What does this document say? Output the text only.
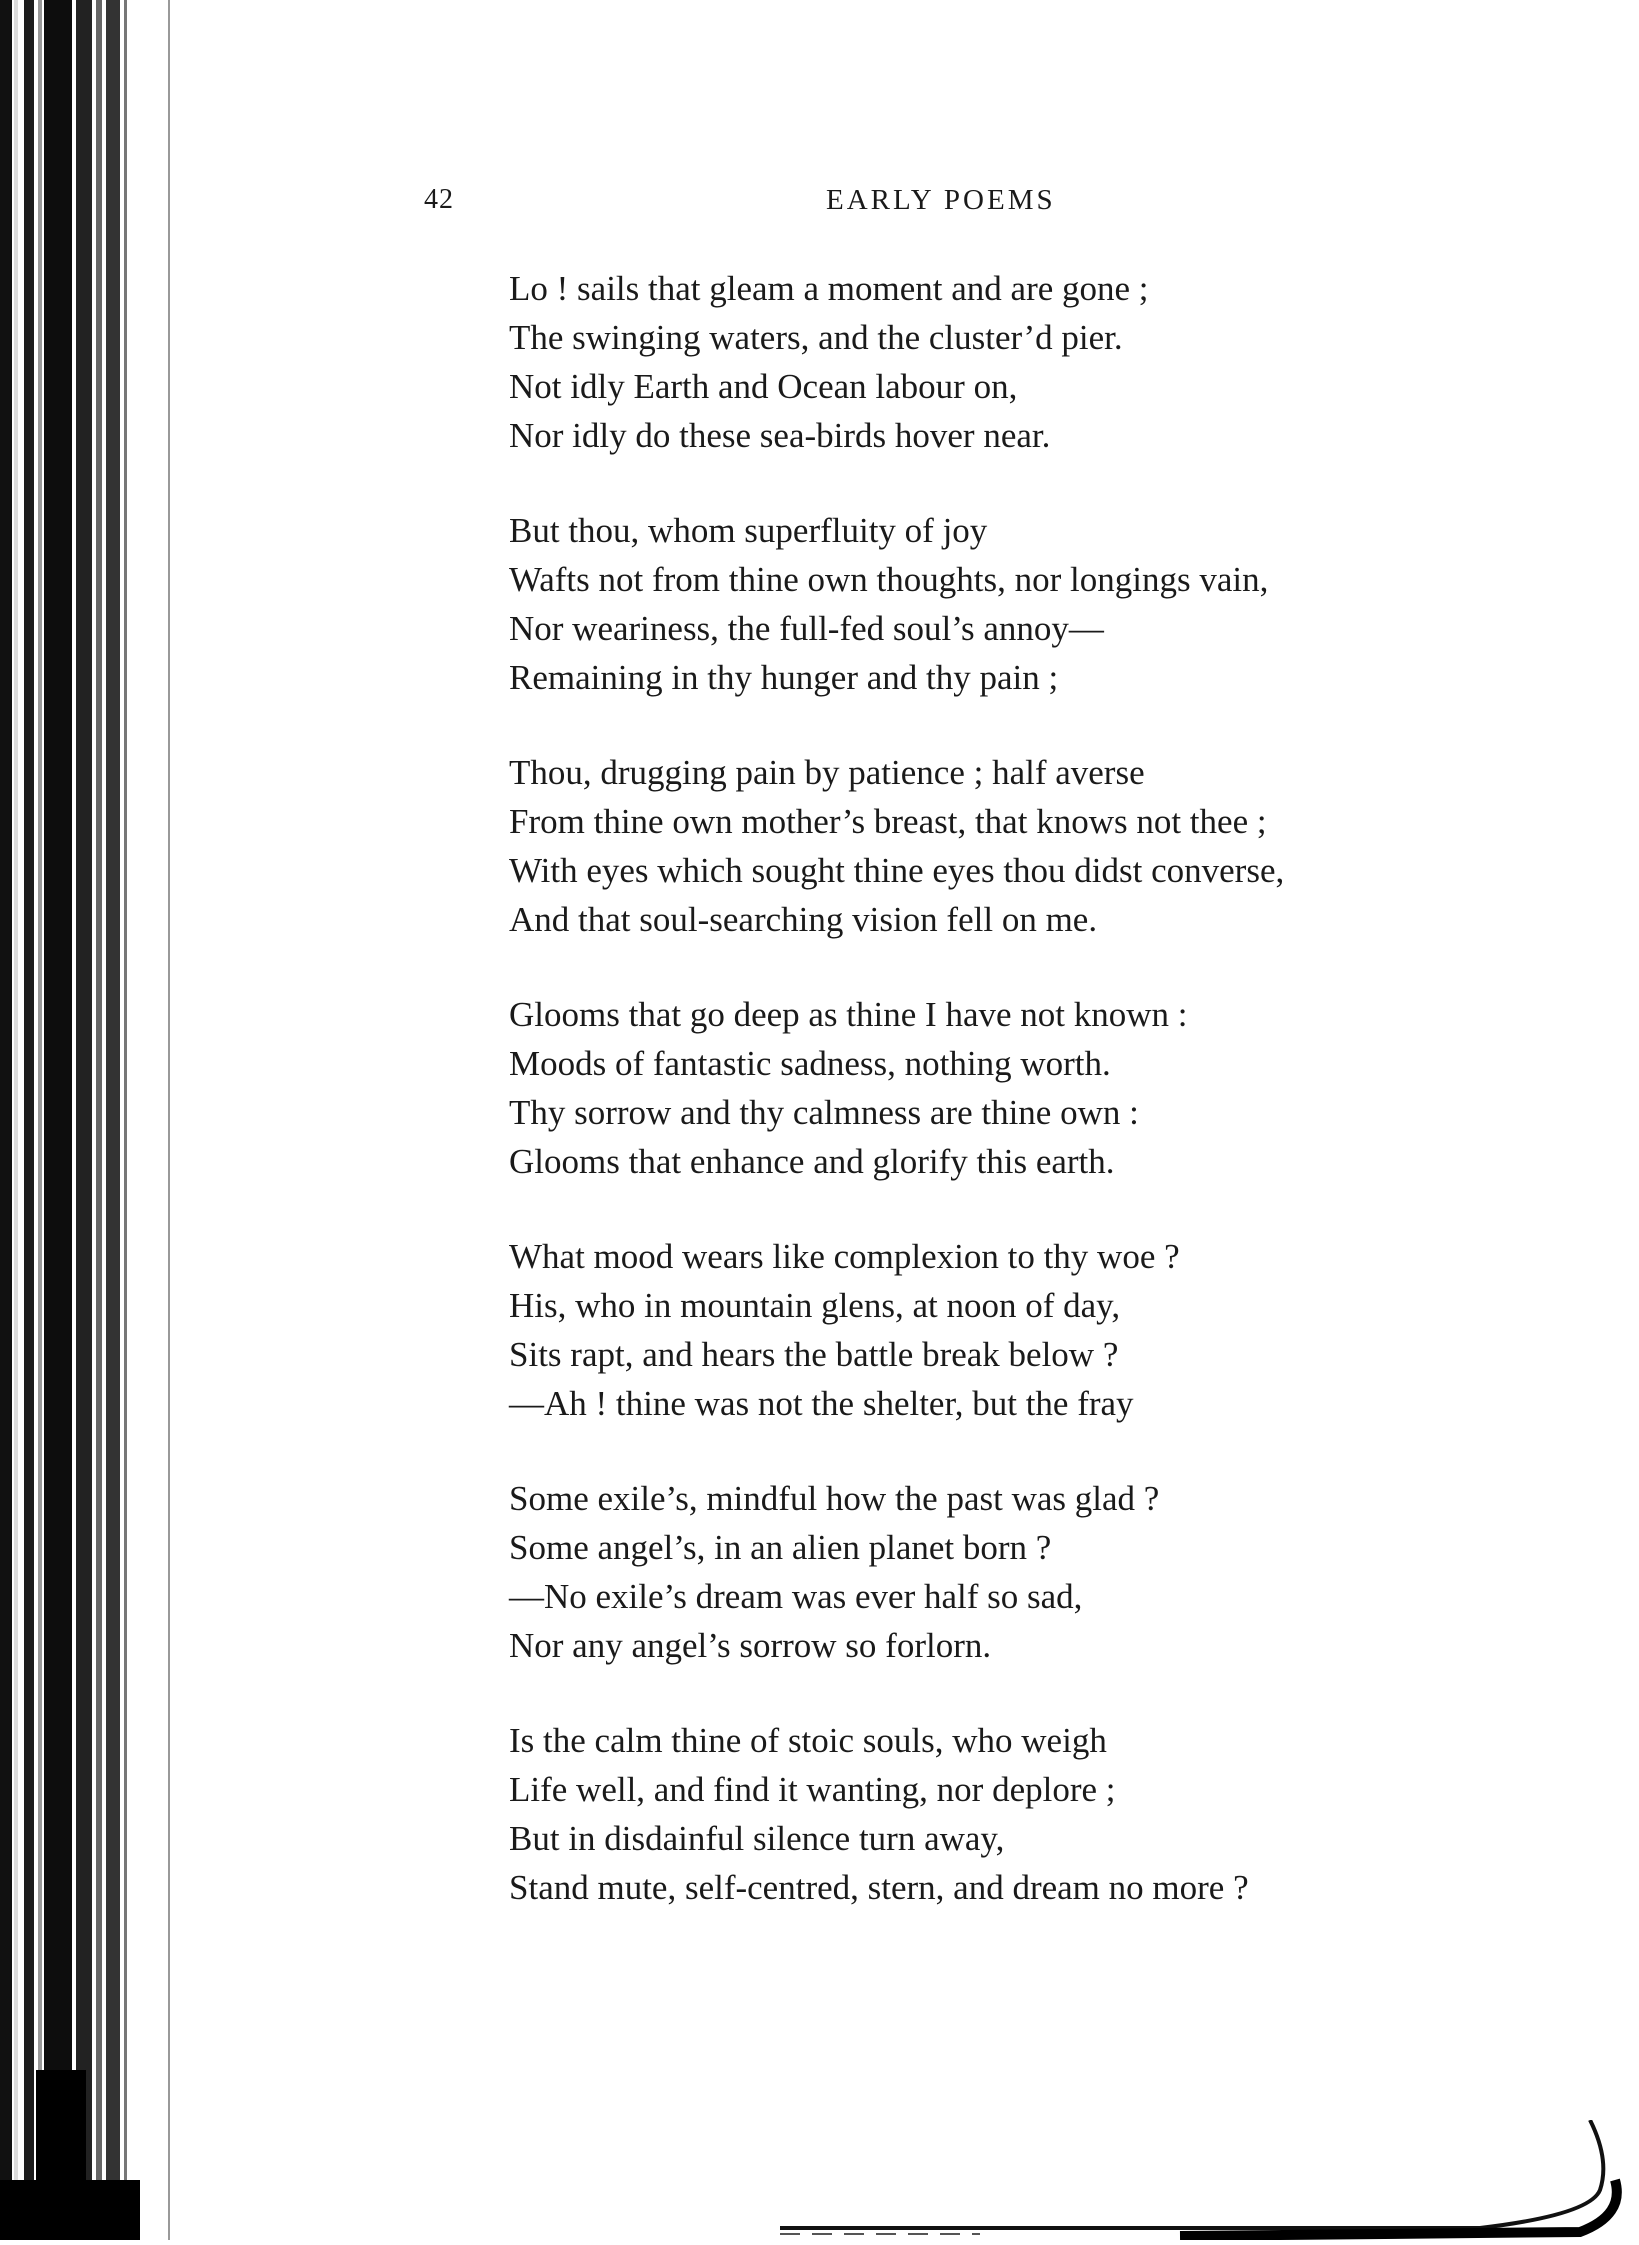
42	EARLY POEMS
Lo ! sails that gleam a moment and are gone ;
The swinging waters, and the cluster’d pier.
Not idly Earth and Ocean labour on,
Nor idly do these sea-birds hover near.
But thou, whom superfluity of joy
Wafts not from thine own thoughts, nor longings vain,
Nor weariness, the full-fed soul’s annoy—
Remaining in thy hunger and thy pain ;
Thou, drugging pain by patience ; half averse
From thine own mother’s breast, that knows not thee ;
With eyes which sought thine eyes thou didst converse,
And that soul-searching vision fell on me.
Glooms that go deep as thine I have not known :
Moods of fantastic sadness, nothing worth.
Thy sorrow and thy calmness are thine own :
Glooms that enhance and glorify this earth.
What mood wears like complexion to thy woe ?
His, who in mountain glens, at noon of day,
Sits rapt, and hears the battle break below ?
—Ah ! thine was not the shelter, but the fray
Some exile’s, mindful how the past was glad ?
Some angel’s, in an alien planet born ?
—No exile’s dream was ever half so sad,
Nor any angel’s sorrow so forlorn.
Is the calm thine of stoic souls, who weigh
Life well, and find it wanting, nor deplore ;
But in disdainful silence turn away,
Stand mute, self-centred, stern, and dream no more ?
